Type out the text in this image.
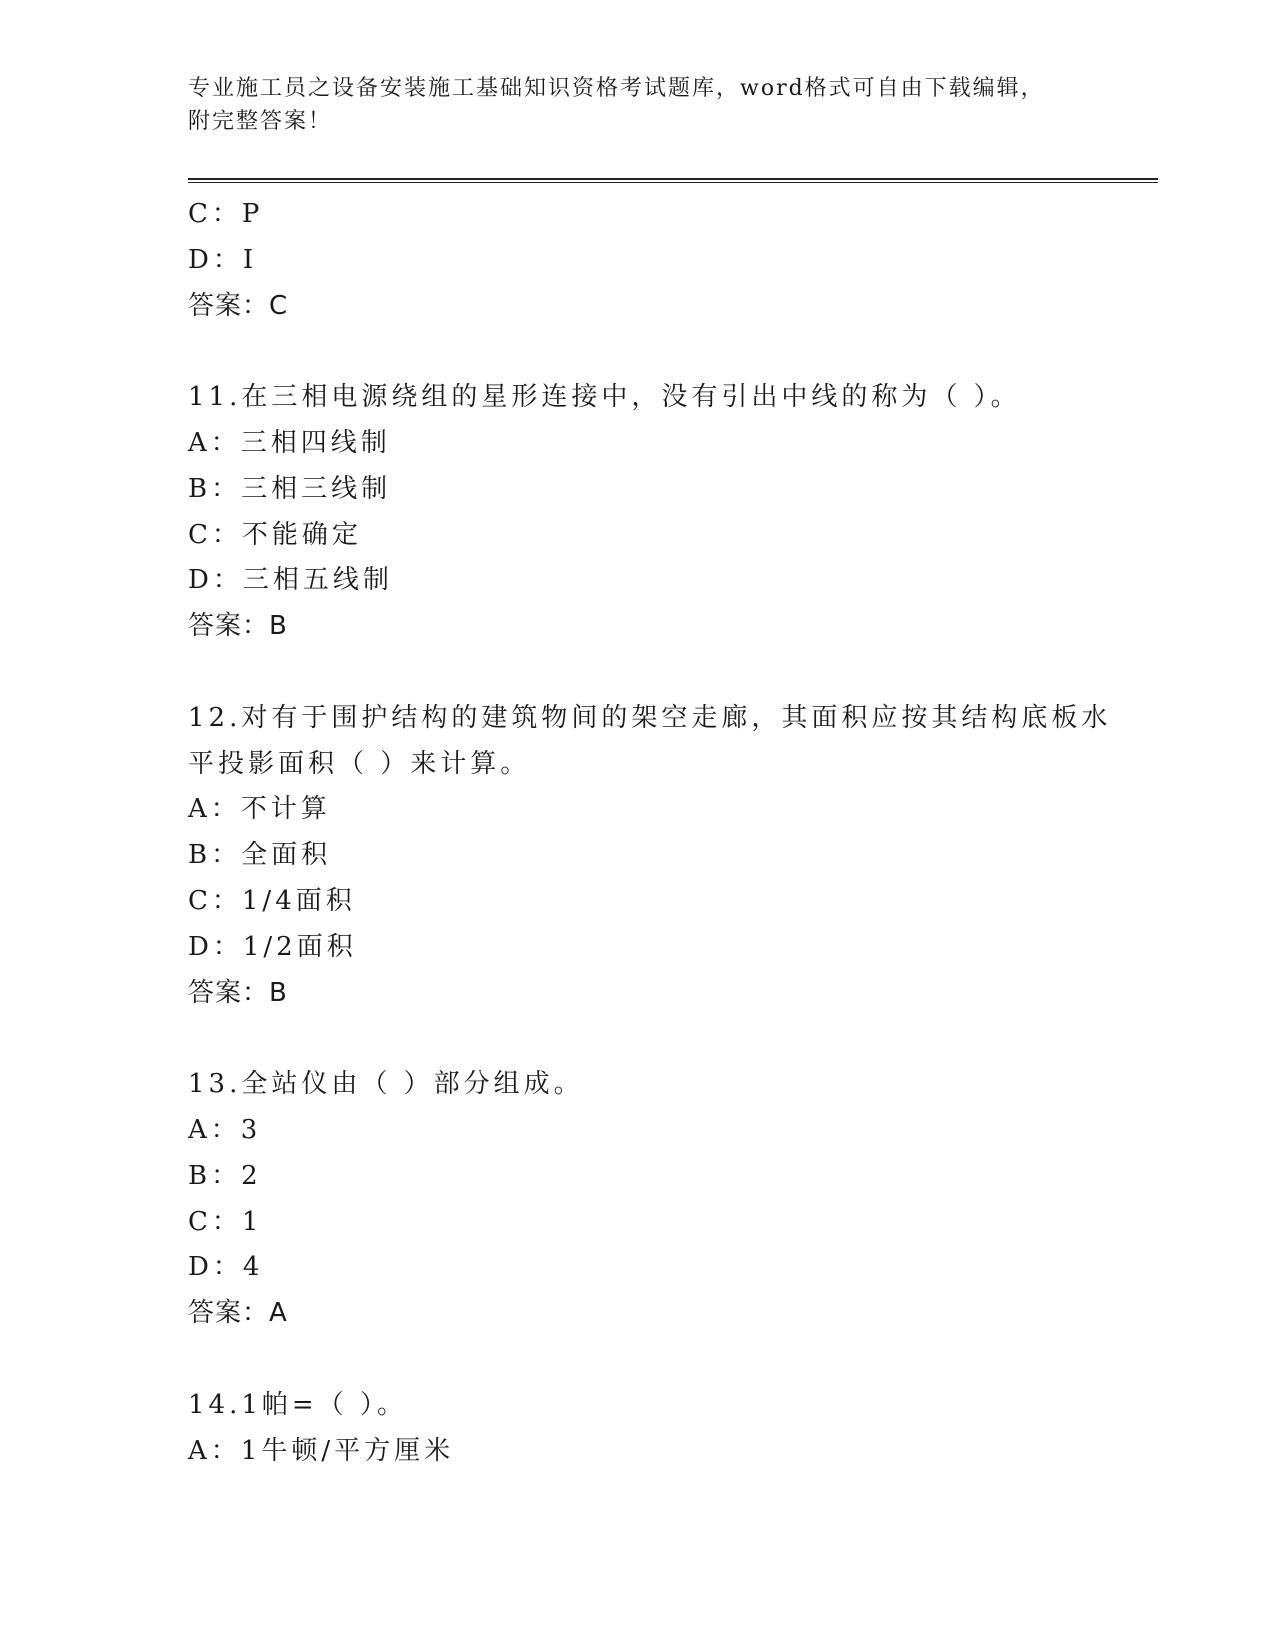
专业施工员之设备安装施工基础知识资格考试题库，word格式可自由下载编辑，
附完整答案！
C：P
D：I
答案：C
11.在三相电源绕组的星形连接中，没有引出中线的称为（ ）。
A：三相四线制
B：三相三线制
C：不能确定
D：三相五线制
答案：B
12.对有于围护结构的建筑物间的架空走廊，其面积应按其结构底板水
平投影面积（ ）来计算。
A：不计算
B：全面积
C：1/4面积
D：1/2面积
答案：B
13.全站仪由（ ）部分组成。
A：3
B：2
C：1
D：4
答案：A
14.1帕=（ ）。
A：1牛顿/平方厘米
